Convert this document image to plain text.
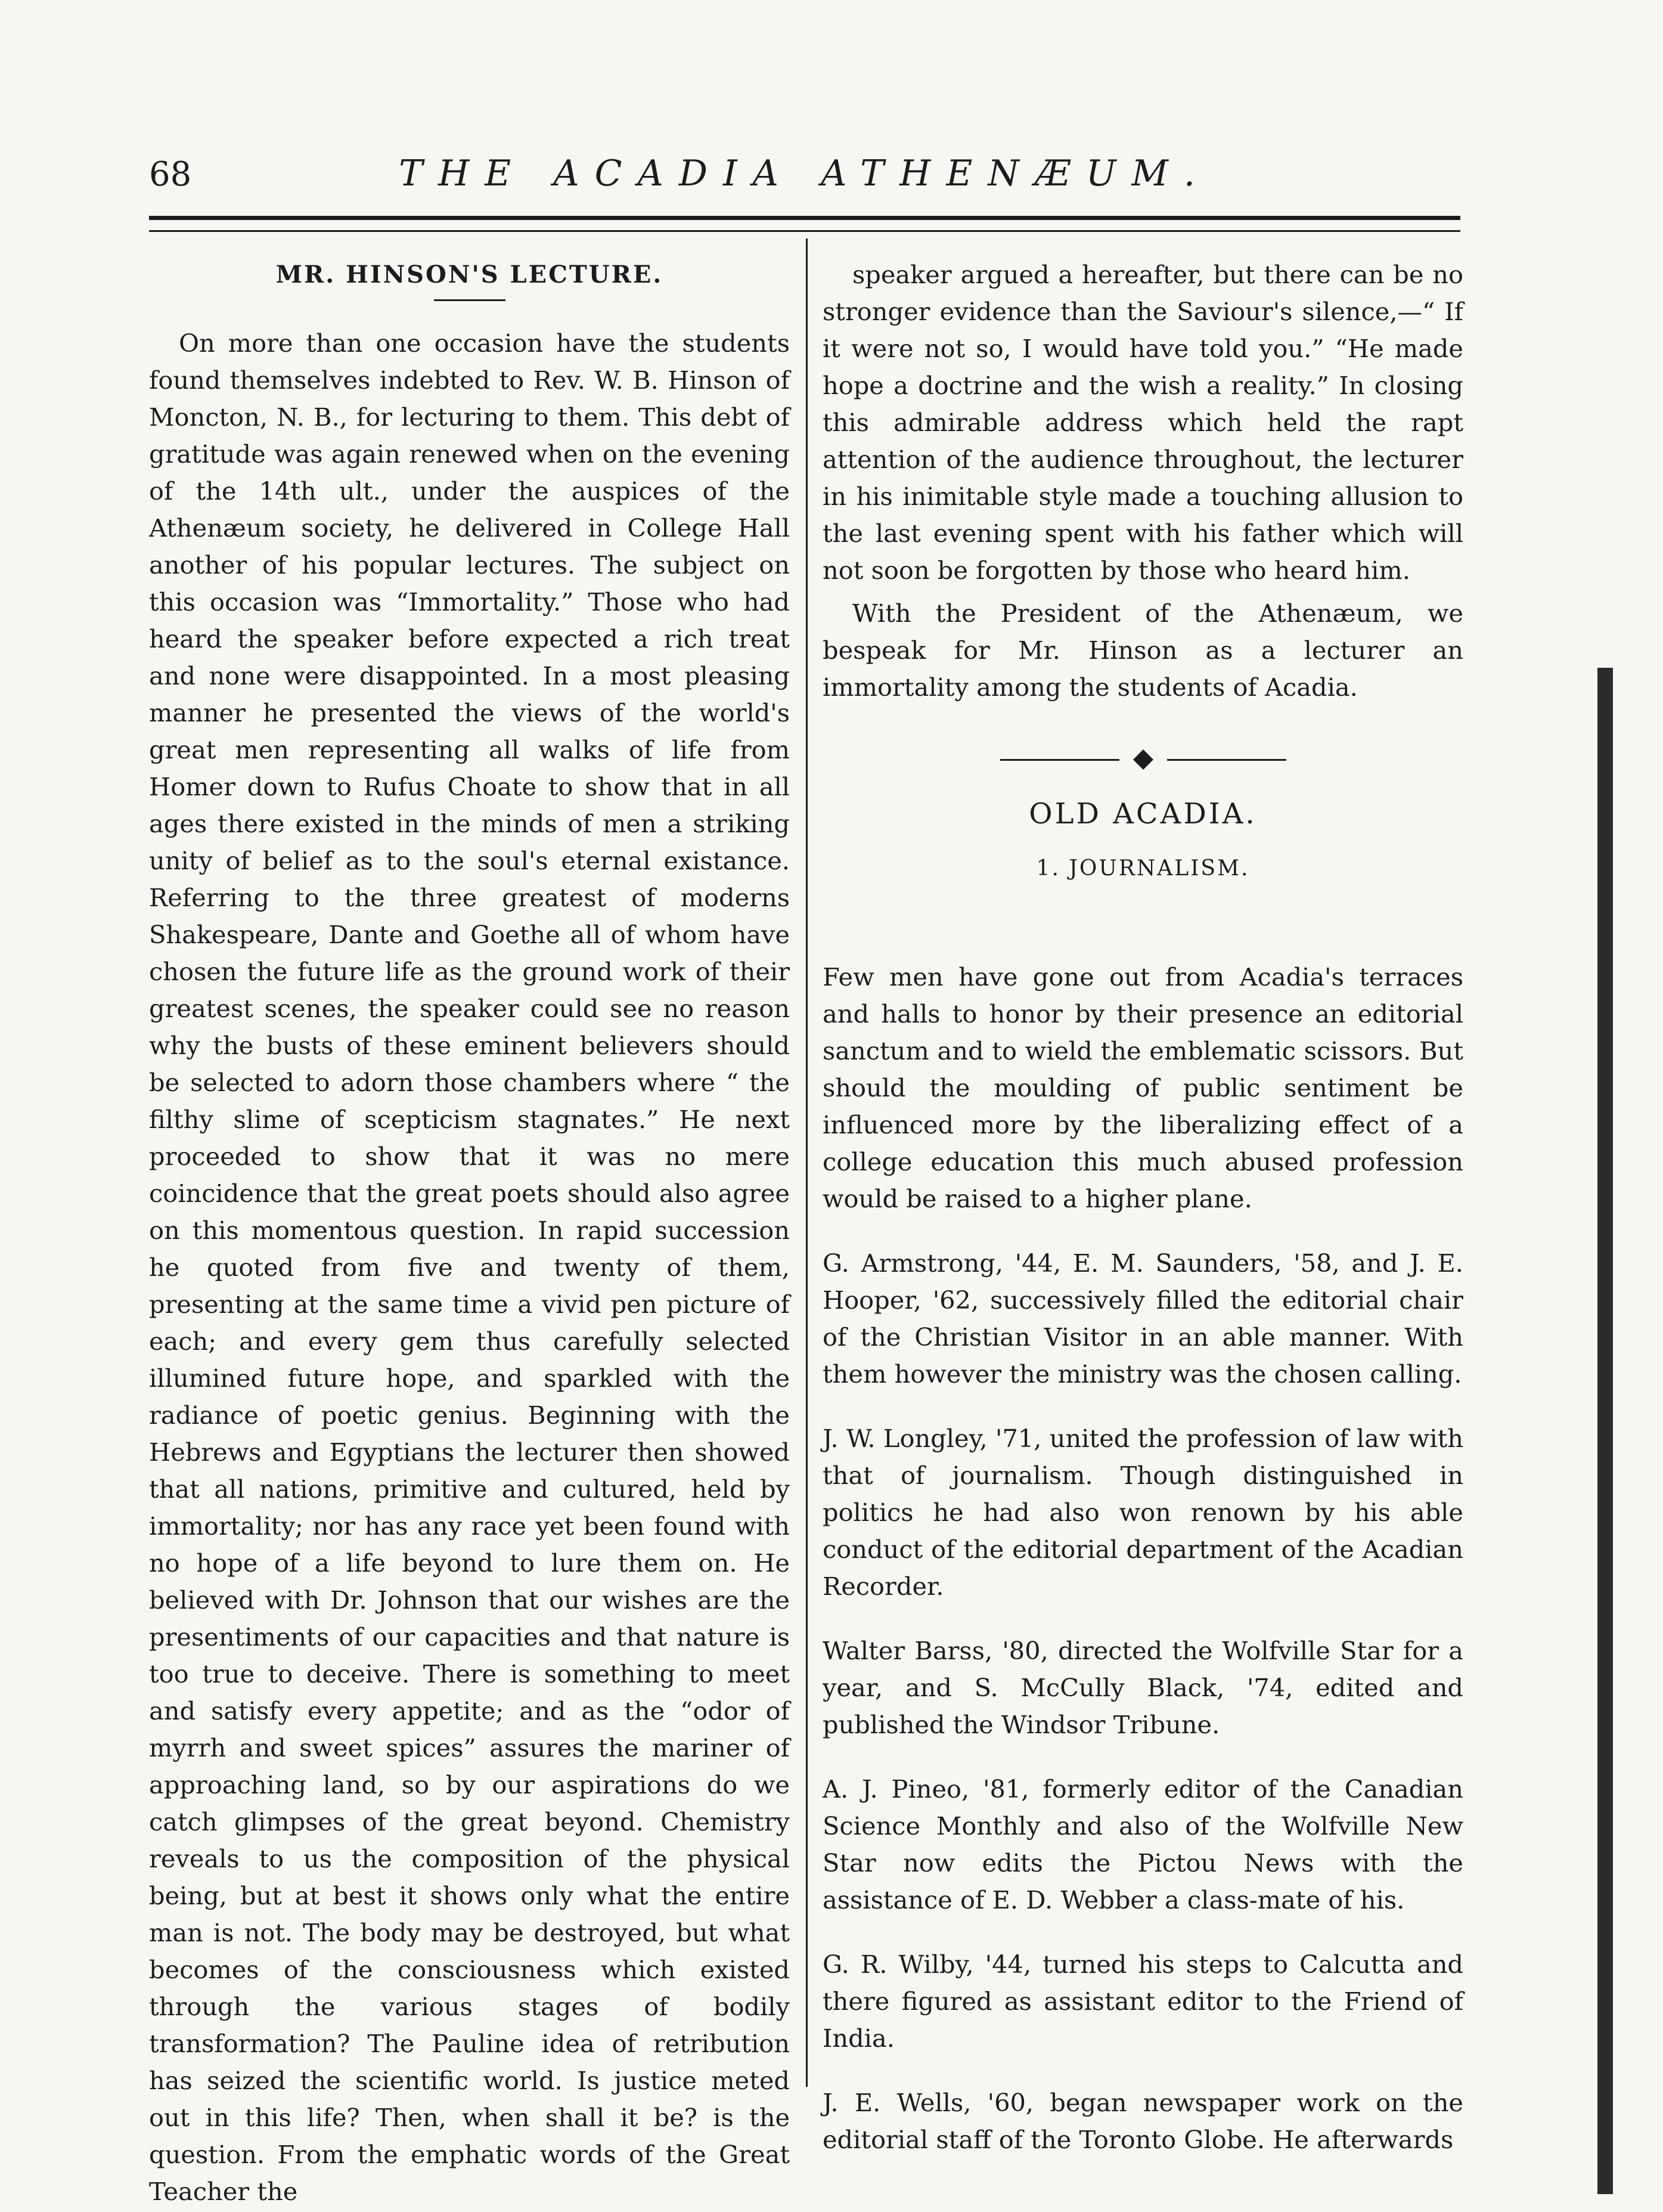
68	THE ACADIA ATHENÆUM.
MR. HINSON'S LECTURE.

On more than one occasion have the students found themselves indebted to Rev. W. B. Hinson of Moncton, N. B., for lecturing to them. This debt of gratitude was again renewed when on the evening of the 14th ult., under the auspices of the Athenæum society, he delivered in College Hall another of his popular lectures. The subject on this occasion was “Immortality.” Those who had heard the speaker before expected a rich treat and none were disappointed. In a most pleasing manner he presented the views of the world's great men representing all walks of life from Homer down to Rufus Choate to show that in all ages there existed in the minds of men a striking unity of belief as to the soul's eternal existance. Referring to the three greatest of moderns Shakespeare, Dante and Goethe all of whom have chosen the future life as the ground work of their greatest scenes, the speaker could see no reason why the busts of these eminent believers should be selected to adorn those chambers where “ the filthy slime of scepticism stagnates.” He next proceeded to show that it was no mere coincidence that the great poets should also agree on this momentous question. In rapid succession he quoted from five and twenty of them, presenting at the same time a vivid pen picture of each; and every gem thus carefully selected illumined future hope, and sparkled with the radiance of poetic genius. Beginning with the Hebrews and Egyptians the lecturer then showed that all nations, primitive and cultured, held by immortality; nor has any race yet been found with no hope of a life beyond to lure them on. He believed with Dr. Johnson that our wishes are the presentiments of our capacities and that nature is too true to deceive. There is something to meet and satisfy every appetite; and as the “odor of myrrh and sweet spices” assures the mariner of approaching land, so by our aspirations do we catch glimpses of the great beyond. Chemistry reveals to us the composition of the physical being, but at best it shows only what the entire man is not. The body may be destroyed, but what becomes of the consciousness which existed through the various stages of bodily transformation? The Pauline idea of retribution has seized the scientific world. Is justice meted out in this life? Then, when shall it be? is the question. From the emphatic words of the Great Teacher the

speaker argued a hereafter, but there can be no stronger evidence than the Saviour's silence,—“ If it were not so, I would have told you.” “He made hope a doctrine and the wish a reality.” In closing this admirable address which held the rapt attention of the audience throughout, the lecturer in his inimitable style made a touching allusion to the last evening spent with his father which will not soon be forgotten by those who heard him.

With the President of the Athenæum, we bespeak for Mr. Hinson as a lecturer an immortality among the students of Acadia.

OLD ACADIA.
1. JOURNALISM.

Few men have gone out from Acadia's terraces and halls to honor by their presence an editorial sanctum and to wield the emblematic scissors. But should the moulding of public sentiment be influenced more by the liberalizing effect of a college education this much abused profession would be raised to a higher plane.

G. Armstrong, '44, E. M. Saunders, '58, and J. E. Hooper, '62, successively filled the editorial chair of the Christian Visitor in an able manner. With them however the ministry was the chosen calling.

J. W. Longley, '71, united the profession of law with that of journalism. Though distinguished in politics he had also won renown by his able conduct of the editorial department of the Acadian Recorder.

Walter Barss, '80, directed the Wolfville Star for a year, and S. McCully Black, '74, edited and published the Windsor Tribune.

A. J. Pineo, '81, formerly editor of the Canadian Science Monthly and also of the Wolfville New Star now edits the Pictou News with the assistance of E. D. Webber a class-mate of his.

G. R. Wilby, '44, turned his steps to Calcutta and there figured as assistant editor to the Friend of India.

J. E. Wells, '60, began newspaper work on the editorial staff of the Toronto Globe. He afterwards
